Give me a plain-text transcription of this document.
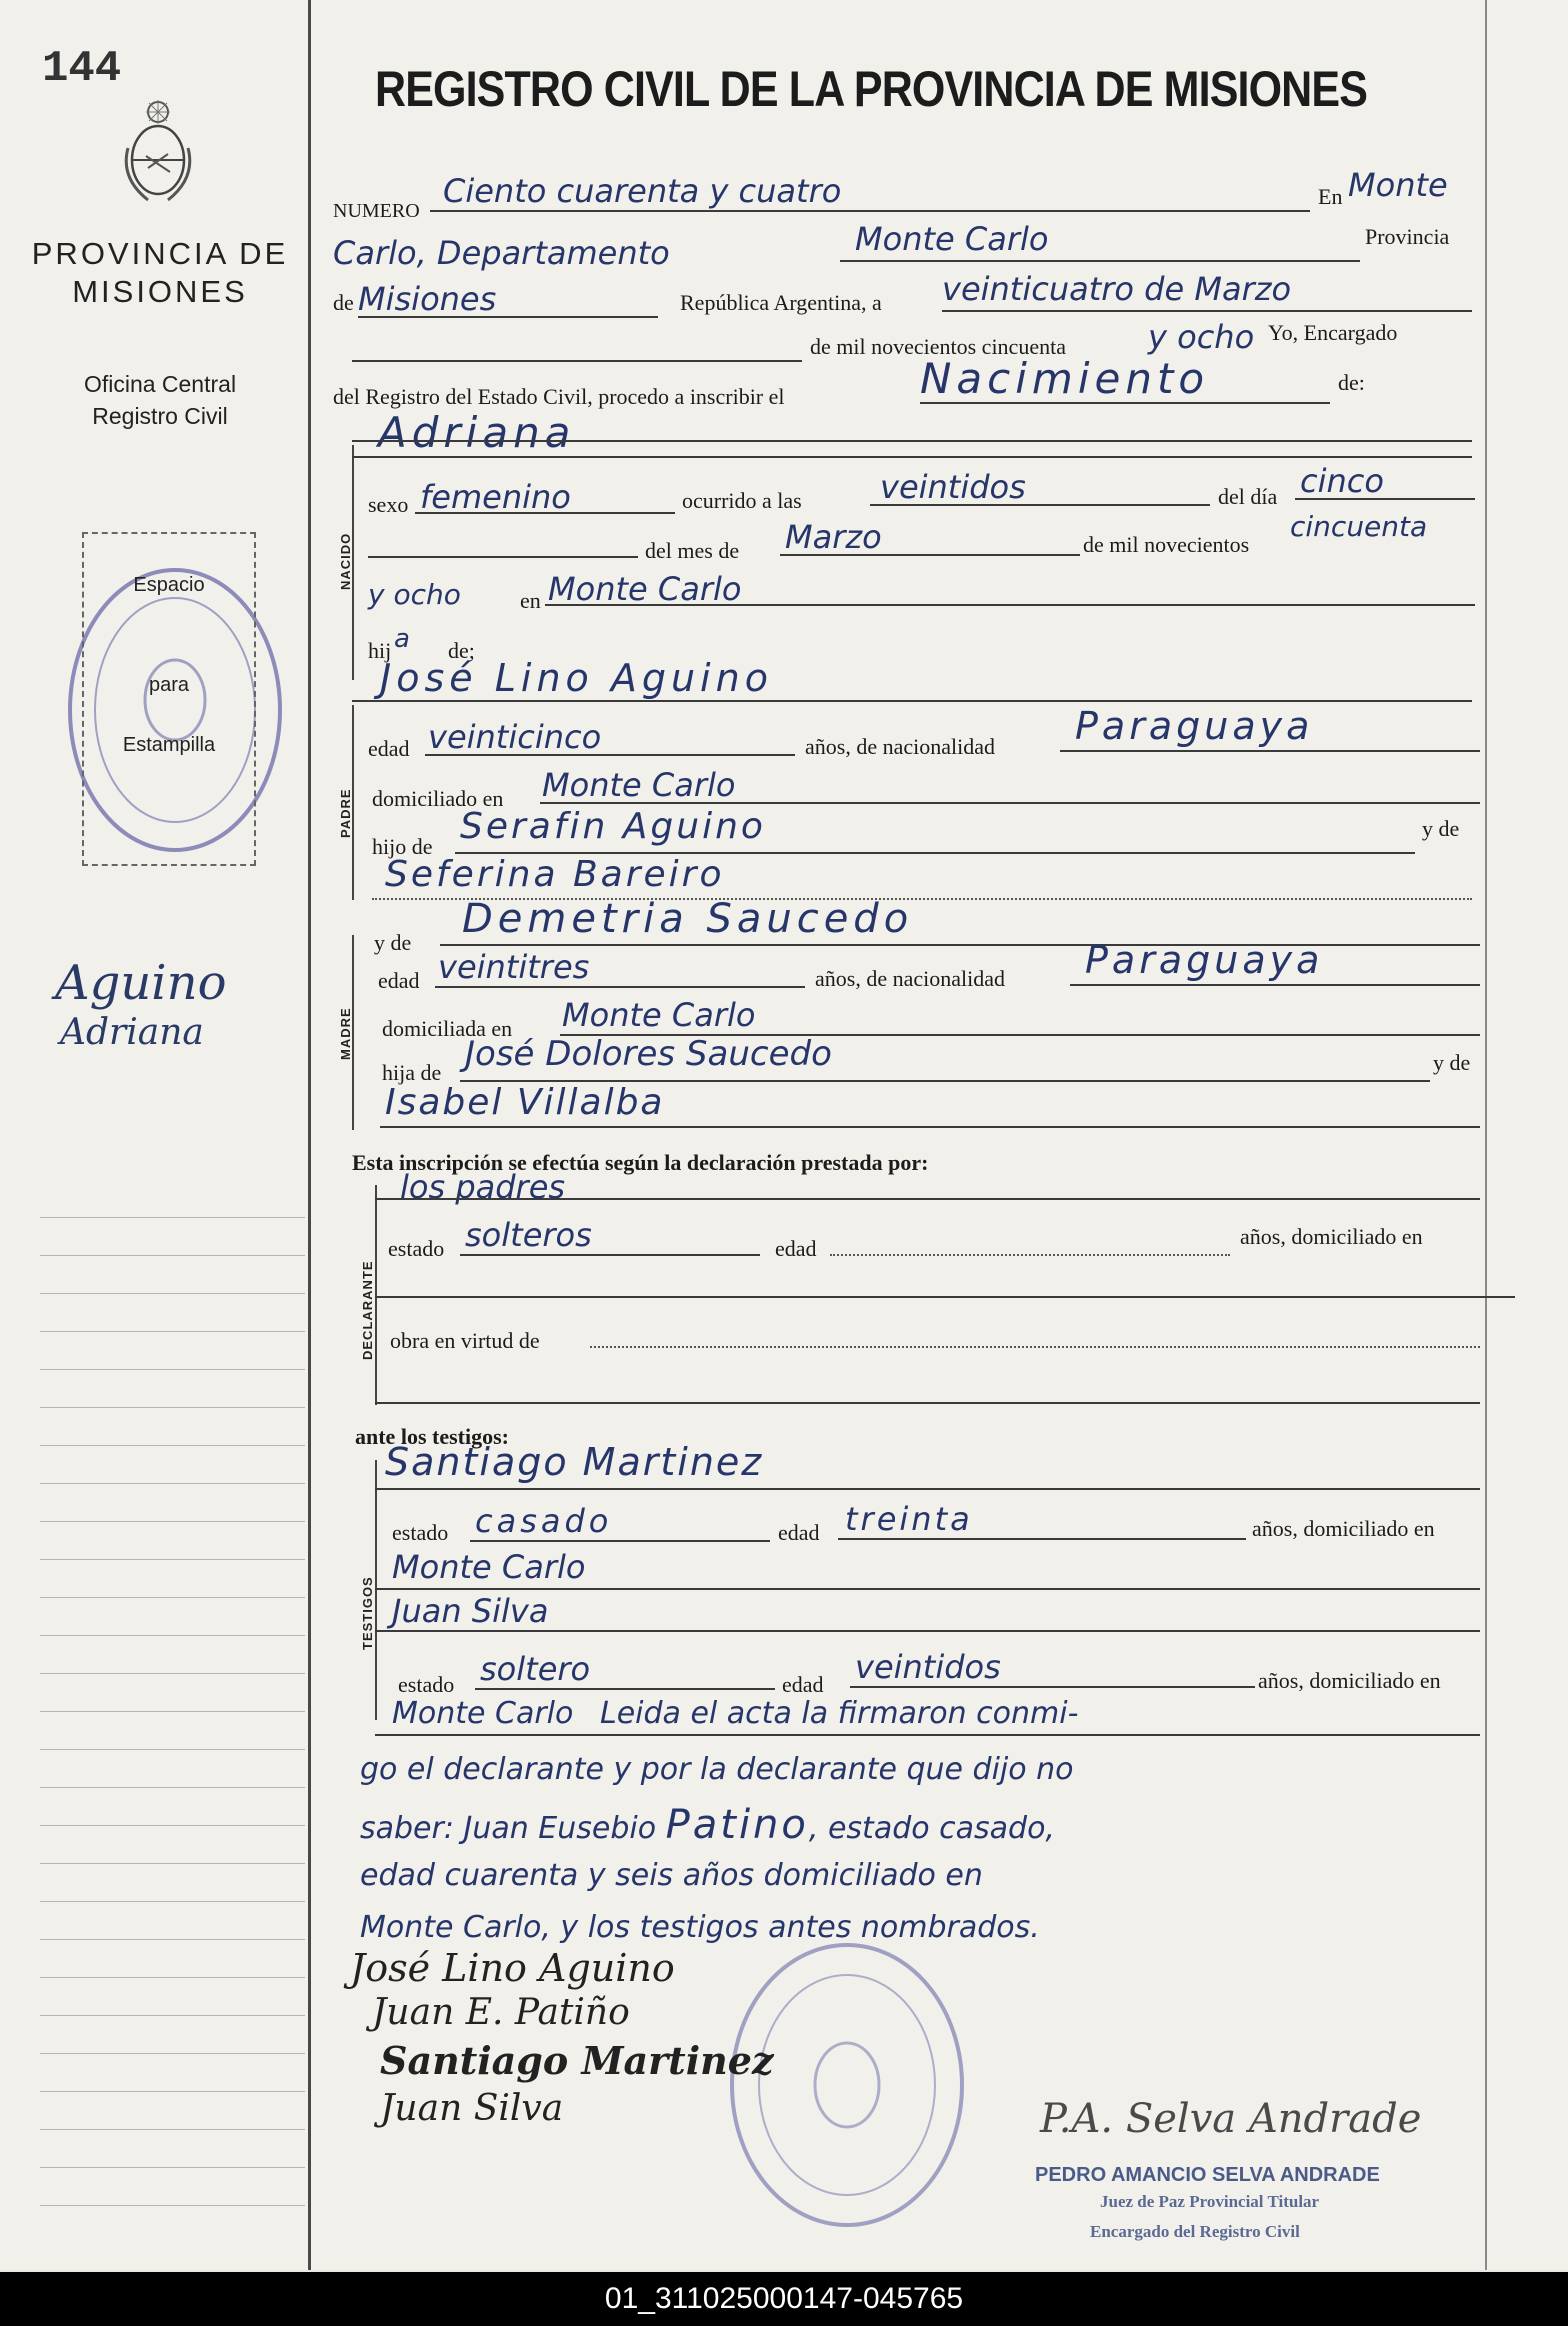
144
PROVINCIA DE
MISIONES
Oficina Central
Registro Civil
Espacio
para
Estampilla
Aguino
Adriana
REGISTRO CIVIL DE LA PROVINCIA DE MISIONES
NUMERO
Ciento cuarenta y cuatro	En Monte
Carlo, Departamento	Monte Carlo	Provincia
de Misiones	República Argentina, a veinticuatro de Marzo
de mil novecientos cincuenta	y ocho Yo, Encargado
del Registro del Estado Civil, procedo a inscribir el	Nacimiento	de:
NACIDO
Adriana
sexo femenino	ocurrido a las veintidos	del día cinco
del mes de Marzo	de mil novecientos
cincuenta
y ocho	en Monte Carlo
hij a de;
PADRE
José Lino Aguino
edad veinticinco	años, de nacionalidad Paraguaya
domiciliado en Monte Carlo
hijo de Serafin Aguino	y de
Seferina Bareiro
MADRE
y de
Demetria Saucedo
edad veintitres	años, de nacionalidad Paraguaya
domiciliada en Monte Carlo
hija de José Dolores Saucedo	y de
Isabel Villalba
Esta inscripción se efectúa según la declaración prestada por:
DECLARANTE
los padres
estado solteros	edad	años, domiciliado en
obra en virtud de
ante los testigos:
TESTIGOS
Santiago Martinez
estado casado	edad treinta	años, domiciliado en
Monte Carlo
Juan Silva
estado soltero	edad veintidos	años, domiciliado en
Monte Carlo Leida el acta la firmaron conmi-
go el declarante y por la declarante que dijo no
saber: Juan Eusebio Patino, estado casado,
edad cuarenta y seis años domiciliado en
Monte Carlo, y los testigos antes nombrados.
José Lino Aguino
Juan E. Patiño
Santiago Martinez
Juan Silva	P.A. Selva Andrade
PEDRO AMANCIO SELVA ANDRADE
Juez de Paz Provincial Titular
Encargado del Registro Civil
01_311025000147-045765
